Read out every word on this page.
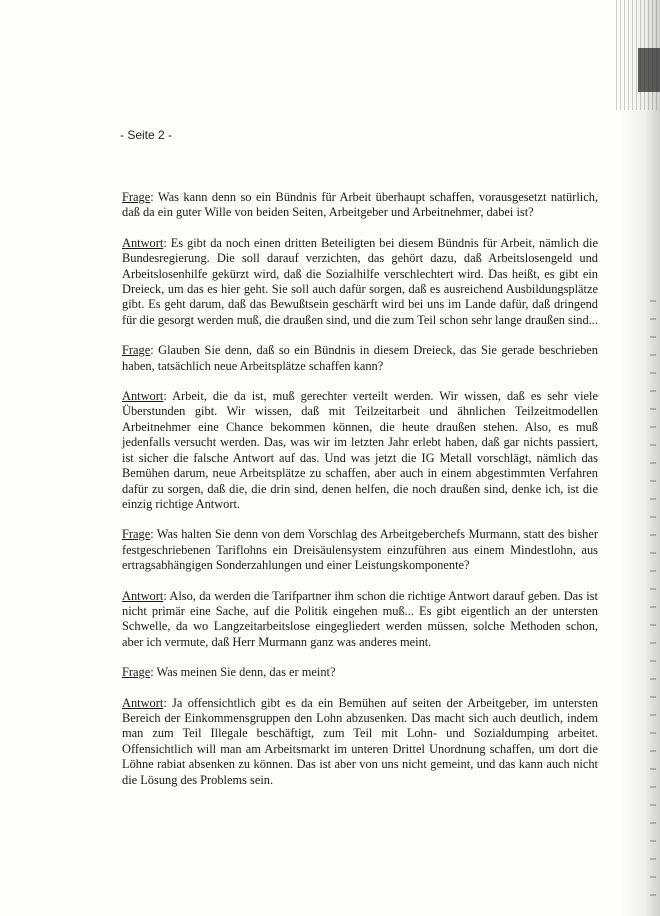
- Seite 2 -

Frage: Was kann denn so ein Bündnis für Arbeit überhaupt schaffen, vorausgesetzt natürlich, daß da ein guter Wille von beiden Seiten, Arbeitgeber und Arbeitnehmer, dabei ist?

Antwort: Es gibt da noch einen dritten Beteiligten bei diesem Bündnis für Arbeit, nämlich die Bundesregierung. Die soll darauf verzichten, das gehört dazu, daß Arbeitslosengeld und Arbeitslosenhilfe gekürzt wird, daß die Sozialhilfe verschlechtert wird. Das heißt, es gibt ein Dreieck, um das es hier geht. Sie soll auch dafür sorgen, daß es ausreichend Ausbildungsplätze gibt. Es geht darum, daß das Bewußtsein geschärft wird bei uns im Lande dafür, daß dringend für die gesorgt werden muß, die draußen sind, und die zum Teil schon sehr lange draußen sind...

Frage: Glauben Sie denn, daß so ein Bündnis in diesem Dreieck, das Sie gerade beschrieben haben, tatsächlich neue Arbeitsplätze schaffen kann?

Antwort: Arbeit, die da ist, muß gerechter verteilt werden. Wir wissen, daß es sehr viele Überstunden gibt. Wir wissen, daß mit Teilzeitarbeit und ähnlichen Teilzeitmodellen Arbeitnehmer eine Chance bekommen können, die heute draußen stehen. Also, es muß jedenfalls versucht werden. Das, was wir im letzten Jahr erlebt haben, daß gar nichts passiert, ist sicher die falsche Antwort auf das. Und was jetzt die IG Metall vorschlägt, nämlich das Bemühen darum, neue Arbeitsplätze zu schaffen, aber auch in einem abgestimmten Verfahren dafür zu sorgen, daß die, die drin sind, denen helfen, die noch draußen sind, denke ich, ist die einzig richtige Antwort.

Frage: Was halten Sie denn von dem Vorschlag des Arbeitgeberchefs Murmann, statt des bisher festgeschriebenen Tariflohns ein Dreisäulensystem einzuführen aus einem Mindestlohn, aus ertragsabhängigen Sonderzahlungen und einer Leistungskomponente?

Antwort: Also, da werden die Tarifpartner ihm schon die richtige Antwort darauf geben. Das ist nicht primär eine Sache, auf die Politik eingehen muß... Es gibt eigentlich an der untersten Schwelle, da wo Langzeitarbeitslose eingegliedert werden müssen, solche Methoden schon, aber ich vermute, daß Herr Murmann ganz was anderes meint.

Frage: Was meinen Sie denn, das er meint?

Antwort: Ja offensichtlich gibt es da ein Bemühen auf seiten der Arbeitgeber, im untersten Bereich der Einkommensgruppen den Lohn abzusenken. Das macht sich auch deutlich, indem man zum Teil Illegale beschäftigt, zum Teil mit Lohn- und Sozialdumping arbeitet. Offensichtlich will man am Arbeitsmarkt im unteren Drittel Unordnung schaffen, um dort die Löhne rabiat absenken zu können. Das ist aber von uns nicht gemeint, und das kann auch nicht die Lösung des Problems sein.
